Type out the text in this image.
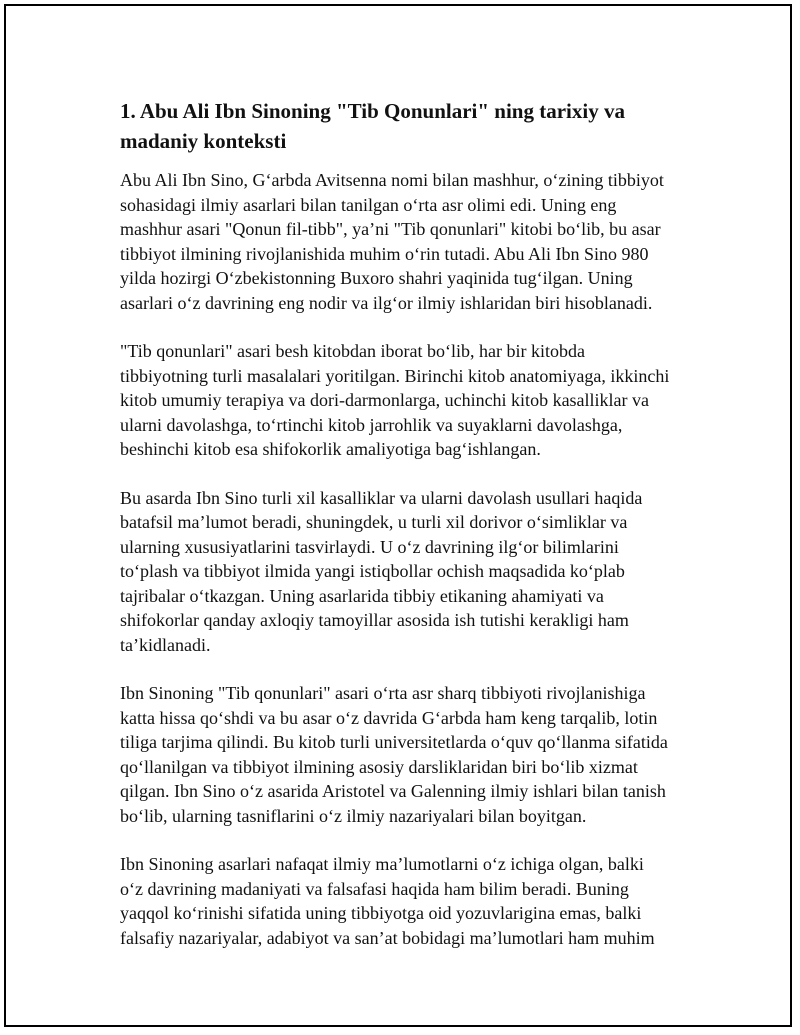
1. Abu Ali Ibn Sinoning "Tib Qonunlari" ning tarixiy va
madaniy konteksti

Abu Ali Ibn Sino, G‘arbda Avitsenna nomi bilan mashhur, o‘zining tibbiyot
sohasidagi ilmiy asarlari bilan tanilgan o‘rta asr olimi edi. Uning eng
mashhur asari "Qonun fil-tibb", ya’ni "Tib qonunlari" kitobi bo‘lib, bu asar
tibbiyot ilmining rivojlanishida muhim o‘rin tutadi. Abu Ali Ibn Sino 980
yilda hozirgi O‘zbekistonning Buxoro shahri yaqinida tug‘ilgan. Uning
asarlari o‘z davrining eng nodir va ilg‘or ilmiy ishlaridan biri hisoblanadi.

"Tib qonunlari" asari besh kitobdan iborat bo‘lib, har bir kitobda
tibbiyotning turli masalalari yoritilgan. Birinchi kitob anatomiyaga, ikkinchi
kitob umumiy terapiya va dori-darmonlarga, uchinchi kitob kasalliklar va
ularni davolashga, to‘rtinchi kitob jarrohlik va suyaklarni davolashga,
beshinchi kitob esa shifokorlik amaliyotiga bag‘ishlangan.

Bu asarda Ibn Sino turli xil kasalliklar va ularni davolash usullari haqida
batafsil ma’lumot beradi, shuningdek, u turli xil dorivor o‘simliklar va
ularning xususiyatlarini tasvirlaydi. U o‘z davrining ilg‘or bilimlarini
to‘plash va tibbiyot ilmida yangi istiqbollar ochish maqsadida ko‘plab
tajribalar o‘tkazgan. Uning asarlarida tibbiy etikaning ahamiyati va
shifokorlar qanday axloqiy tamoyillar asosida ish tutishi kerakligi ham
ta’kidlanadi.

Ibn Sinoning "Tib qonunlari" asari o‘rta asr sharq tibbiyoti rivojlanishiga
katta hissa qo‘shdi va bu asar o‘z davrida G‘arbda ham keng tarqalib, lotin
tiliga tarjima qilindi. Bu kitob turli universitetlarda o‘quv qo‘llanma sifatida
qo‘llanilgan va tibbiyot ilmining asosiy darsliklaridan biri bo‘lib xizmat
qilgan. Ibn Sino o‘z asarida Aristotel va Galenning ilmiy ishlari bilan tanish
bo‘lib, ularning tasniflarini o‘z ilmiy nazariyalari bilan boyitgan.

Ibn Sinoning asarlari nafaqat ilmiy ma’lumotlarni o‘z ichiga olgan, balki
o‘z davrining madaniyati va falsafasi haqida ham bilim beradi. Buning
yaqqol ko‘rinishi sifatida uning tibbiyotga oid yozuvlarigina emas, balki
falsafiy nazariyalar, adabiyot va san’at bobidagi ma’lumotlari ham muhim
